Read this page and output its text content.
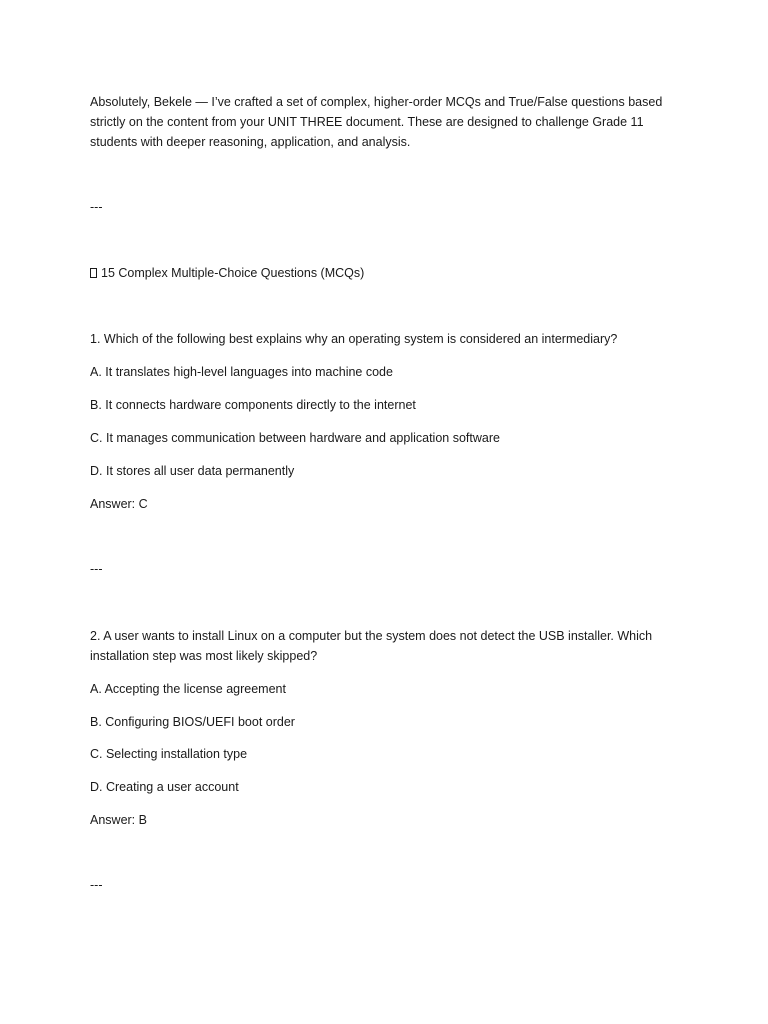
Absolutely, Bekele — I’ve crafted a set of complex, higher-order MCQs and True/False questions based strictly on the content from your UNIT THREE document. These are designed to challenge Grade 11 students with deeper reasoning, application, and analysis.

---

15 Complex Multiple-Choice Questions (MCQs)

1. Which of the following best explains why an operating system is considered an intermediary?

A. It translates high-level languages into machine code

B. It connects hardware components directly to the internet

C. It manages communication between hardware and application software

D. It stores all user data permanently

Answer: C

---

2. A user wants to install Linux on a computer but the system does not detect the USB installer. Which installation step was most likely skipped?

A. Accepting the license agreement

B. Configuring BIOS/UEFI boot order

C. Selecting installation type

D. Creating a user account

Answer: B

---
